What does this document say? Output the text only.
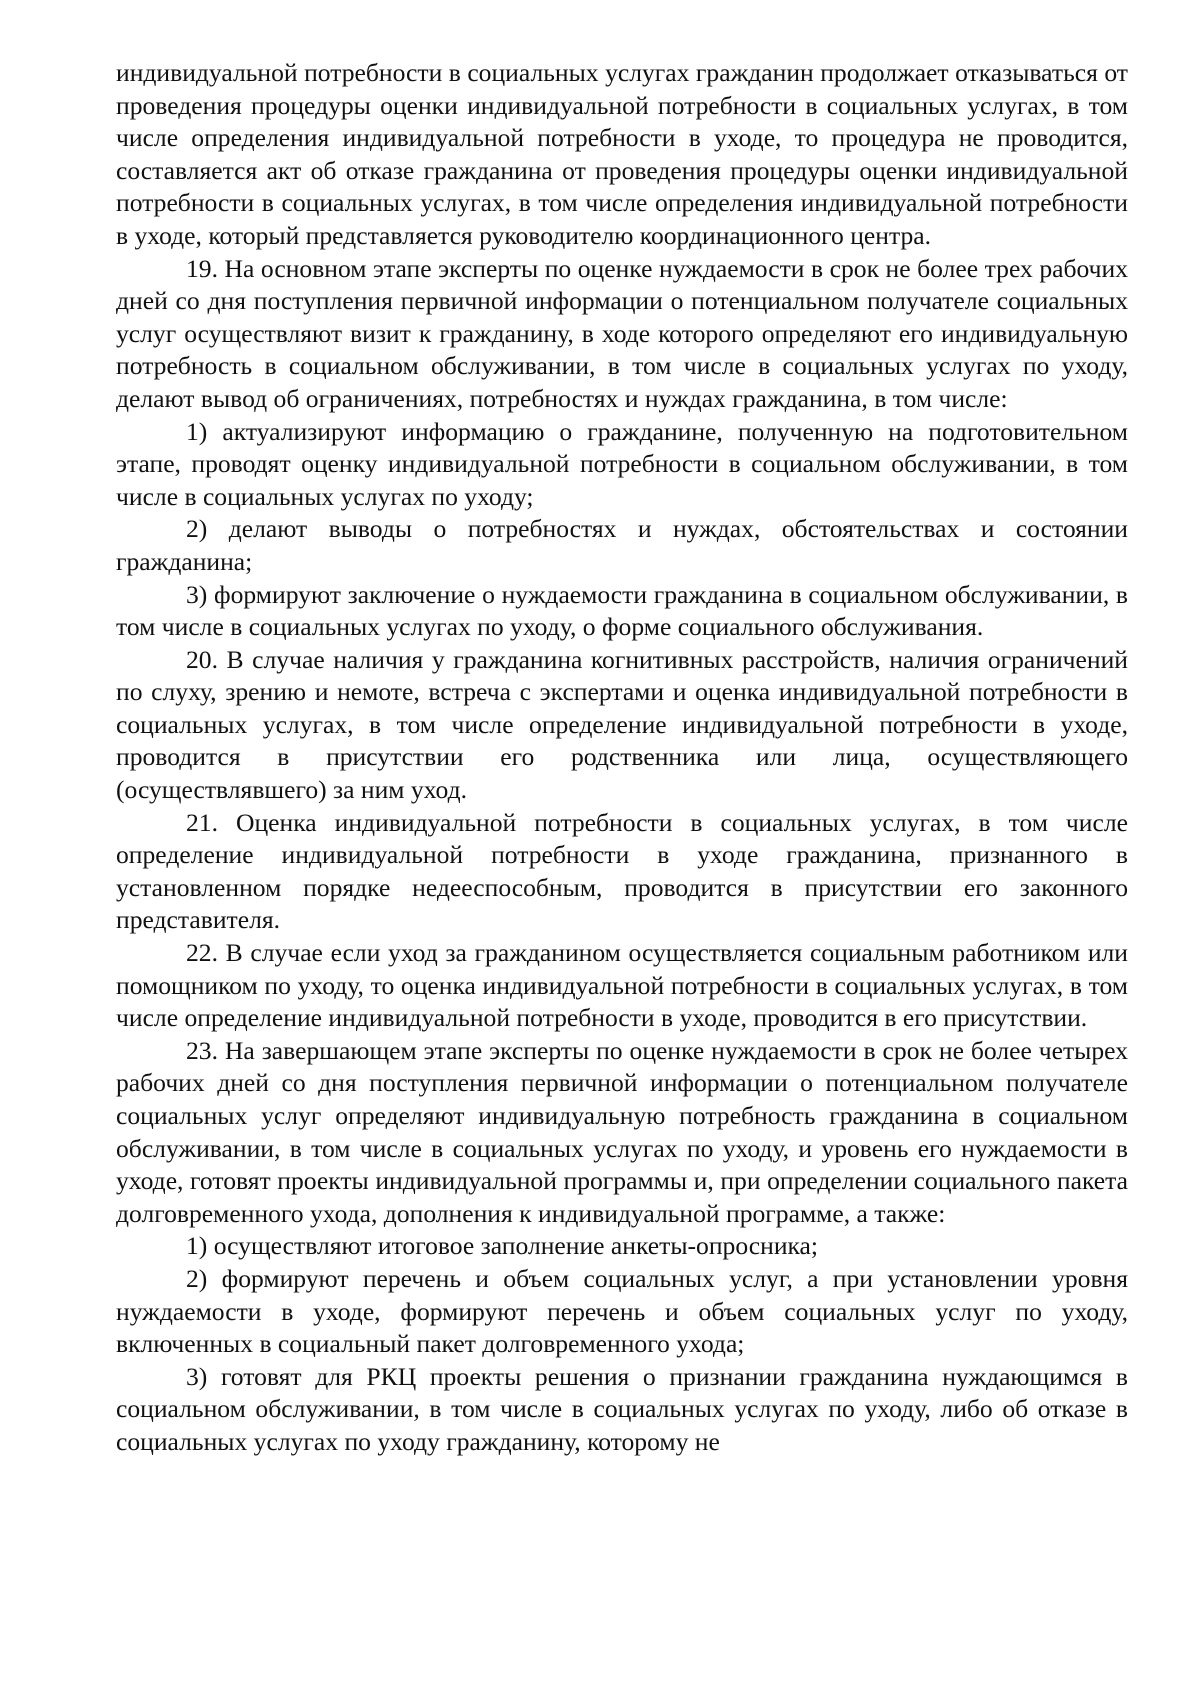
индивидуальной потребности в социальных услугах гражданин продолжает отказываться от проведения процедуры оценки индивидуальной потребности в социальных услугах, в том числе определения индивидуальной потребности в уходе, то процедура не проводится, составляется акт об отказе гражданина от проведения процедуры оценки индивидуальной потребности в социальных услугах, в том числе определения индивидуальной потребности в уходе, который представляется руководителю координационного центра.

19. На основном этапе эксперты по оценке нуждаемости в срок не более трех рабочих дней со дня поступления первичной информации о потенциальном получателе социальных услуг осуществляют визит к гражданину, в ходе которого определяют его индивидуальную потребность в социальном обслуживании, в том числе в социальных услугах по уходу, делают вывод об ограничениях, потребностях и нуждах гражданина, в том числе:

1) актуализируют информацию о гражданине, полученную на подготовительном этапе, проводят оценку индивидуальной потребности в социальном обслуживании, в том числе в социальных услугах по уходу;

2) делают выводы о потребностях и нуждах, обстоятельствах и состоянии гражданина;

3) формируют заключение о нуждаемости гражданина в социальном обслуживании, в том числе в социальных услугах по уходу, о форме социального обслуживания.

20. В случае наличия у гражданина когнитивных расстройств, наличия ограничений по слуху, зрению и немоте, встреча с экспертами и оценка индивидуальной потребности в социальных услугах, в том числе определение индивидуальной потребности в уходе, проводится в присутствии его родственника или лица, осуществляющего (осуществлявшего) за ним уход.

21. Оценка индивидуальной потребности в социальных услугах, в том числе определение индивидуальной потребности в уходе гражданина, признанного в установленном порядке недееспособным, проводится в присутствии его законного представителя.

22. В случае если уход за гражданином осуществляется социальным работником или помощником по уходу, то оценка индивидуальной потребности в социальных услугах, в том числе определение индивидуальной потребности в уходе, проводится в его присутствии.

23. На завершающем этапе эксперты по оценке нуждаемости в срок не более четырех рабочих дней со дня поступления первичной информации о потенциальном получателе социальных услуг определяют индивидуальную потребность гражданина в социальном обслуживании, в том числе в социальных услугах по уходу, и уровень его нуждаемости в уходе, готовят проекты индивидуальной программы и, при определении социального пакета долговременного ухода, дополнения к индивидуальной программе, а также:

1) осуществляют итоговое заполнение анкеты-опросника;

2) формируют перечень и объем социальных услуг, а при установлении уровня нуждаемости в уходе, формируют перечень и объем социальных услуг по уходу, включенных в социальный пакет долговременного ухода;

3) готовят для РКЦ проекты решения о признании гражданина нуждающимся в социальном обслуживании, в том числе в социальных услугах по уходу, либо об отказе в социальных услугах по уходу гражданину, которому не
